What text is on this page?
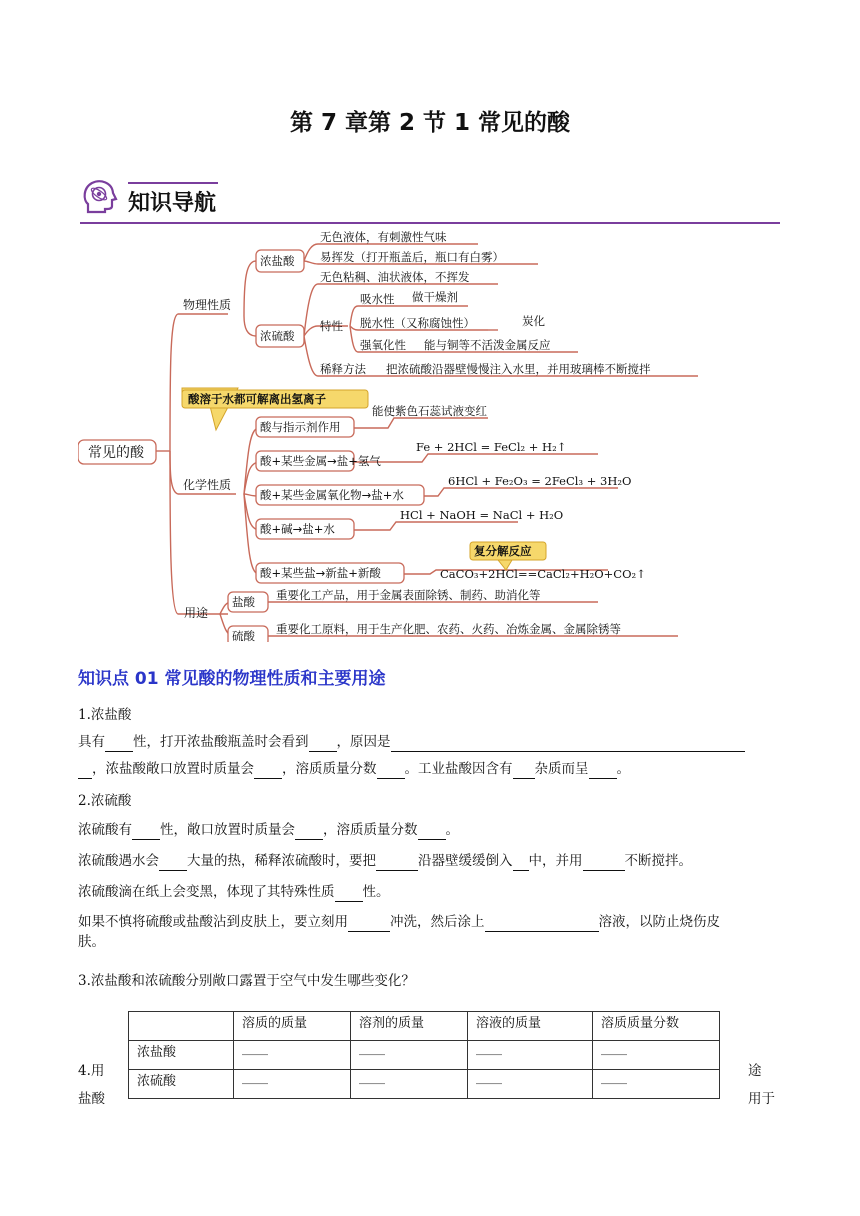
第 7 章第 2 节 1 常见的酸
知识导航
常见的酸
物理性质
浓盐酸
无色液体，有刺激性气味
易挥发（打开瓶盖后，瓶口有白雾）
浓硫酸
无色粘稠、油状液体，不挥发
特性
吸水性 做干燥剂
脱水性（又称腐蚀性）	炭化
强氧化性 能与铜等不活泼金属反应
稀释方法 把浓硫酸沿器壁慢慢注入水里，并用玻璃棒不断搅拌
酸溶于水都可解离出氢离子
化学性质
酸与指示剂作用
能使紫色石蕊试液变红
酸+某些金属→盐+氢气
Fe + 2HCl = FeCl₂ + H₂↑
酸+某些金属氧化物→盐+水
6HCl + Fe₂O₃ = 2FeCl₃ + 3H₂O
酸+碱→盐+水
HCl + NaOH = NaCl + H₂O
复分解反应
酸+某些盐→新盐+新酸	CaCO₃+2HCl==CaCl₂+H₂O+CO₂↑
用途
盐酸 重要化工产品，用于金属表面除锈、制药、助消化等
硫酸 重要化工原料，用于生产化肥、农药、火药、冶炼金属、金属除锈等
知识点 01 常见酸的物理性质和主要用途
1.浓盐酸
具有 性，打开浓盐酸瓶盖时会看到 ，原因是
，浓盐酸敞口放置时质量会 ，溶质质量分数 。工业盐酸因含有 杂质而呈 。
2.浓硫酸
浓硫酸有 性，敞口放置时质量会 ，溶质质量分数 。
浓硫酸遇水会 大量的热，稀释浓硫酸时，要把	沿器壁缓缓倒入 中，并用	不断搅拌。
浓硫酸滴在纸上会变黑，体现了其特殊性质 性。
如果不慎将硫酸或盐酸沾到皮肤上，要立刻用	冲洗，然后涂上	溶液，以防止烧伤皮
肤。
3.浓盐酸和浓硫酸分别敞口露置于空气中发生哪些变化？
	溶质的质量	溶剂的质量	溶液的质量	溶质质量分数
浓盐酸	____	____	____	____
浓硫酸	____	____	____	____
4.用
盐酸
途
用于
